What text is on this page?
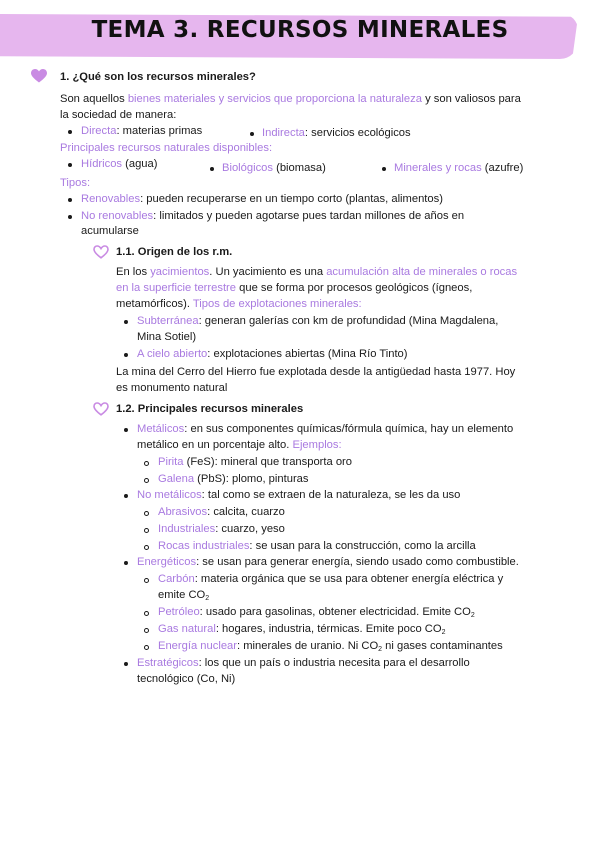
TEMA 3. RECURSOS MINERALES
1. ¿Qué son los recursos minerales?
Son aquellos bienes materiales y servicios que proporciona la naturaleza y son valiosos para
la sociedad de manera:
Directa: materias primas	Indirecta: servicios ecológicos
Principales recursos naturales disponibles:
Hídricos (agua)	Biológicos (biomasa)	Minerales y rocas (azufre)
Tipos:
Renovables: pueden recuperarse en un tiempo corto (plantas, alimentos)
No renovables: limitados y pueden agotarse pues tardan millones de años en
acumularse
1.1. Origen de los r.m.
En los yacimientos. Un yacimiento es una acumulación alta de minerales o rocas
en la superficie terrestre que se forma por procesos geológicos (ígneos,
metamórficos). Tipos de explotaciones minerales:
Subterránea: generan galerías con km de profundidad (Mina Magdalena,
Mina Sotiel)
A cielo abierto: explotaciones abiertas (Mina Río Tinto)
La mina del Cerro del Hierro fue explotada desde la antigüedad hasta 1977. Hoy
es monumento natural
1.2. Principales recursos minerales
Metálicos: en sus componentes químicas/fórmula química, hay un elemento
metálico en un porcentaje alto. Ejemplos:
Pirita (FeS): mineral que transporta oro
Galena (PbS): plomo, pinturas
No metálicos: tal como se extraen de la naturaleza, se les da uso
Abrasivos: calcita, cuarzo
Industriales: cuarzo, yeso
Rocas industriales: se usan para la construcción, como la arcilla
Energéticos: se usan para generar energía, siendo usado como combustible.
Carbón: materia orgánica que se usa para obtener energía eléctrica y
emite $CO_2$
Petróleo: usado para gasolinas, obtener electricidad. Emite $CO_2$
Gas natural: hogares, industria, térmicas. Emite poco $CO_2$
Energía nuclear: minerales de uranio. Ni $CO_2$ ni gases contaminantes
Estratégicos: los que un país o industria necesita para el desarrollo
tecnológico (Co, Ni)
